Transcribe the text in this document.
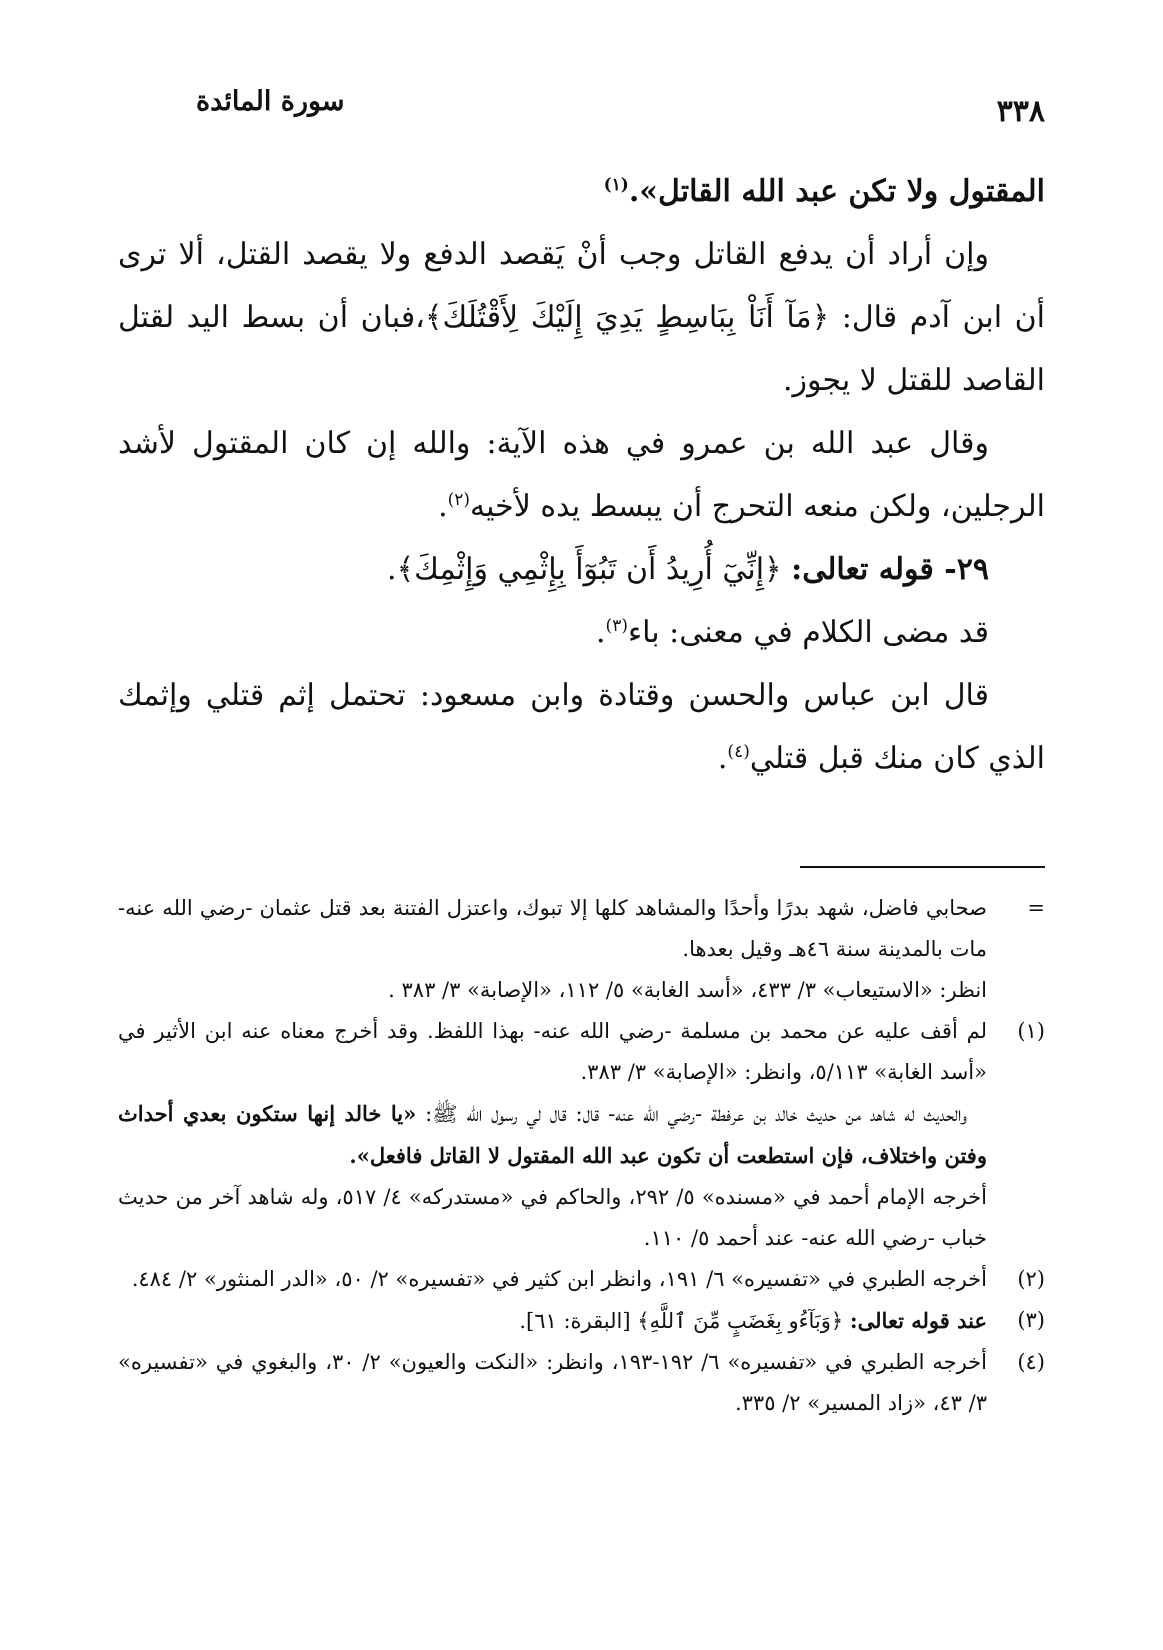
٣٣٨
سورة المائدة

المقتول ولا تكن عبد الله القاتل».$^{(١)}$

وإن أراد أن يدفع القاتل وجب أنْ يَقصد الدفع ولا يقصد القتل، ألا ترى أن ابن آدم قال: ﴿مَآ أَنَاْ بِبَاسِطٍ يَدِيَ إِلَيْكَ لِأَقْتُلَكَ﴾،فبان أن بسط اليد لقتل القاصد للقتل لا يجوز.

وقال عبد الله بن عمرو في هذه الآية: والله إن كان المقتول لأشد الرجلين، ولكن منعه التحرج أن يبسط يده لأخيه$^{(٢)}$.

٢٩- قوله تعالى: ﴿إِنِّيٓ أُرِيدُ أَن تَبُوٓأَ بِإِثْمِي وَإِثْمِكَ﴾.

قد مضى الكلام في معنى: باء$^{(٣)}$.

قال ابن عباس والحسن وقتادة وابن مسعود: تحتمل إثم قتلي وإثمك الذي كان منك قبل قتلي$^{(٤)}$.

=
صحابي فاضل، شهد بدرًا وأحدًا والمشاهد كلها إلا تبوك، واعتزل الفتنة بعد قتل عثمان -رضي الله عنه- مات بالمدينة سنة ٤٦هـ وقيل بعدها.
انظر: «الاستيعاب» ٣/ ٤٣٣، «أسد الغابة» ٥/ ١١٢، «الإصابة» ٣/ ٣٨٣ .
(١)
لم أقف عليه عن محمد بن مسلمة -رضي الله عنه- بهذا اللفظ. وقد أخرج معناه عنه ابن الأثير في «أسد الغابة» ٥/١١٣، وانظر: «الإصابة» ٣/ ٣٨٣.
والحديث له شاهد من حديث خالد بن عرفطة -رضي الله عنه- قال: قال لي رسول الله ﷺ: «يا خالد إنها ستكون بعدي أحداث وفتن واختلاف، فإن استطعت أن تكون عبد الله المقتول لا القاتل فافعل».
أخرجه الإمام أحمد في «مسنده» ٥/ ٢٩٢، والحاكم في «مستدركه» ٤/ ٥١٧، وله شاهد آخر من حديث خباب -رضي الله عنه- عند أحمد ٥/ ١١٠.
(٢)
أخرجه الطبري في «تفسيره» ٦/ ١٩١، وانظر ابن كثير في «تفسيره» ٢/ ٥٠، «الدر المنثور» ٢/ ٤٨٤.
(٣)
عند قوله تعالى: ﴿وَبَآءُو بِغَضَبٍ مِّنَ ٱللَّهِ﴾ [البقرة: ٦١].
(٤)
أخرجه الطبري في «تفسيره» ٦/ ١٩٢-١٩٣، وانظر: «النكت والعيون» ٢/ ٣٠، والبغوي في «تفسيره» ٣/ ٤٣، «زاد المسير» ٢/ ٣٣٥.
